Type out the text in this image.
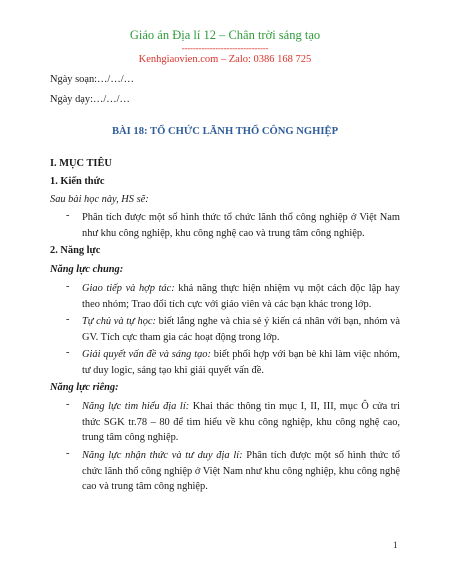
Giáo án Địa lí 12 – Chân trời sáng tạo
-------------------------------
Kenhgiaovien.com – Zalo: 0386 168 725
Ngày soạn:…/…/…
Ngày dạy:…/…/…
BÀI 18: TỔ CHỨC LÃNH THỔ CÔNG NGHIỆP
I. MỤC TIÊU
1. Kiến thức
Sau bài học này, HS sẽ:
- Phân tích được một số hình thức tổ chức lãnh thổ công nghiệp ở Việt Nam như khu công nghiệp, khu công nghệ cao và trung tâm công nghiệp.
2. Năng lực
Năng lực chung:
- Giao tiếp và hợp tác: khả năng thực hiện nhiệm vụ một cách độc lập hay theo nhóm; Trao đổi tích cực với giáo viên và các bạn khác trong lớp.
- Tự chủ và tự học: biết lắng nghe và chia sẻ ý kiến cá nhân với bạn, nhóm và GV. Tích cực tham gia các hoạt động trong lớp.
- Giải quyết vấn đề và sáng tạo: biết phối hợp với bạn bè khi làm việc nhóm, tư duy logic, sáng tạo khi giải quyết vấn đề.
Năng lực riêng:
- Năng lực tìm hiểu địa lí: Khai thác thông tin mục I, II, III, mục Ô cửa tri thức SGK tr.78 – 80 để tìm hiểu về khu công nghiệp, khu công nghệ cao, trung tâm công nghiệp.
- Năng lực nhận thức và tư duy địa lí: Phân tích được một số hình thức tổ chức lãnh thổ công nghiệp ở Việt Nam như khu công nghiệp, khu công nghệ cao và trung tâm công nghiệp.
1
